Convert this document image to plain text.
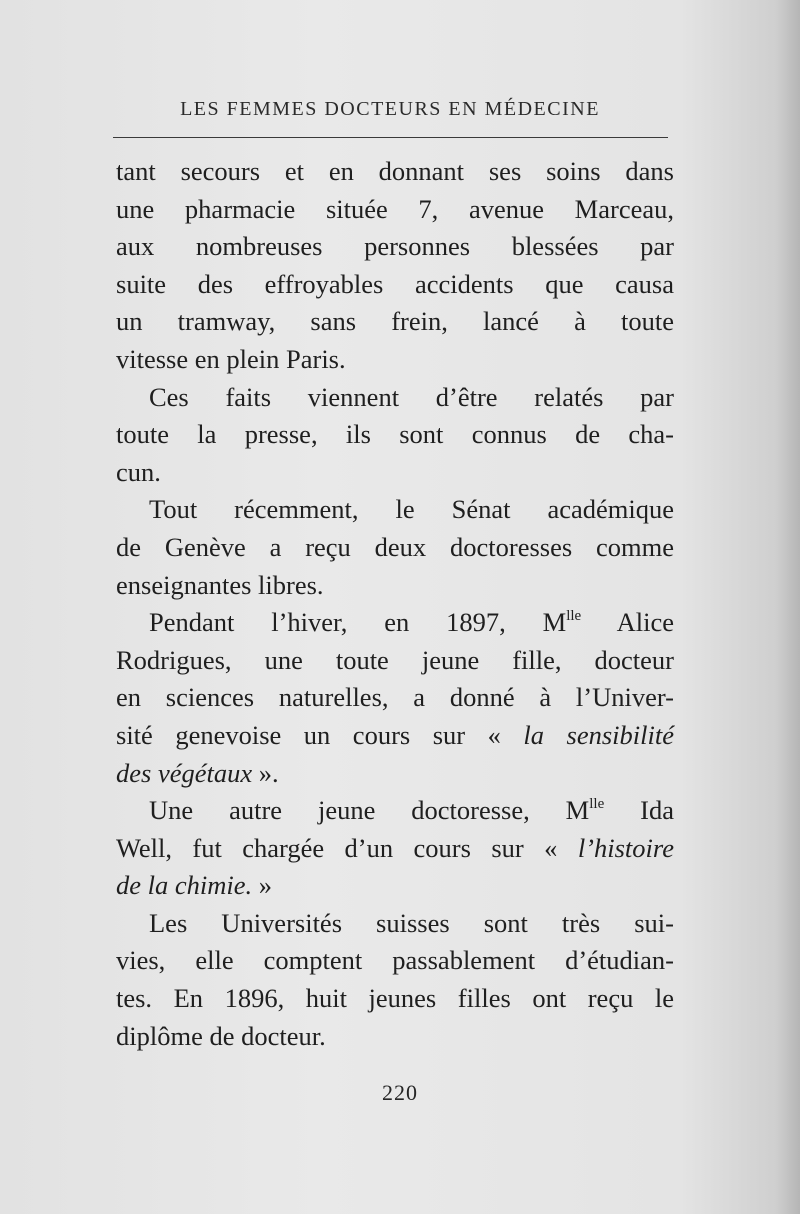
LES FEMMES DOCTEURS EN MÉDECINE
tant secours et en donnant ses soins dans
une pharmacie située 7, avenue Marceau,
aux nombreuses personnes blessées par
suite des effroyables accidents que causa
un tramway, sans frein, lancé à toute
vitesse en plein Paris.
Ces faits viennent d’être relatés par
toute la presse, ils sont connus de cha-
cun.
Tout récemment, le Sénat académique
de Genève a reçu deux doctoresses comme
enseignantes libres.
Pendant l’hiver, en 1897, $M^{lle}$ Alice
Rodrigues, une toute jeune fille, docteur
en sciences naturelles, a donné à l’Univer-
sité genevoise un cours sur « la sensibilité
des végétaux ».
Une autre jeune doctoresse, $M^{lle}$ Ida
Well, fut chargée d’un cours sur « l’histoire
de la chimie. »
Les Universités suisses sont très sui-
vies, elle comptent passablement d’étudian-
tes. En 1896, huit jeunes filles ont reçu le
diplôme de docteur.
220
